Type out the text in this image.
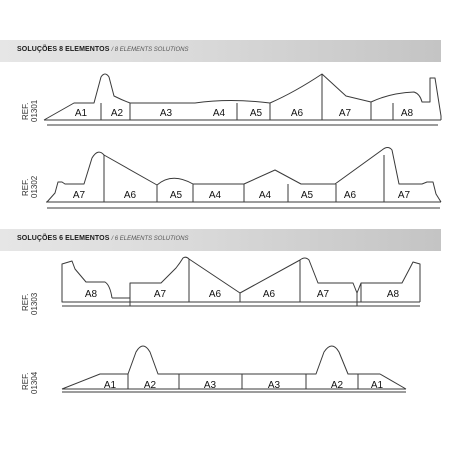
SOLUÇÕES 8 ELEMENTOS / 8 ELEMENTS SOLUTIONS
SOLUÇÕES 6 ELEMENTOS / 6 ELEMENTS SOLUTIONS
REF. 01301
REF. 01302
REF. 01303
REF. 01304
A1 A2	A3	A4 A5	A6	A7	A8
A7	A6	A5	A4	A4	A5	A6	A7
A8	A7	A6	A6	A7	A8
A1	A2	A3	A3	A2	A1
